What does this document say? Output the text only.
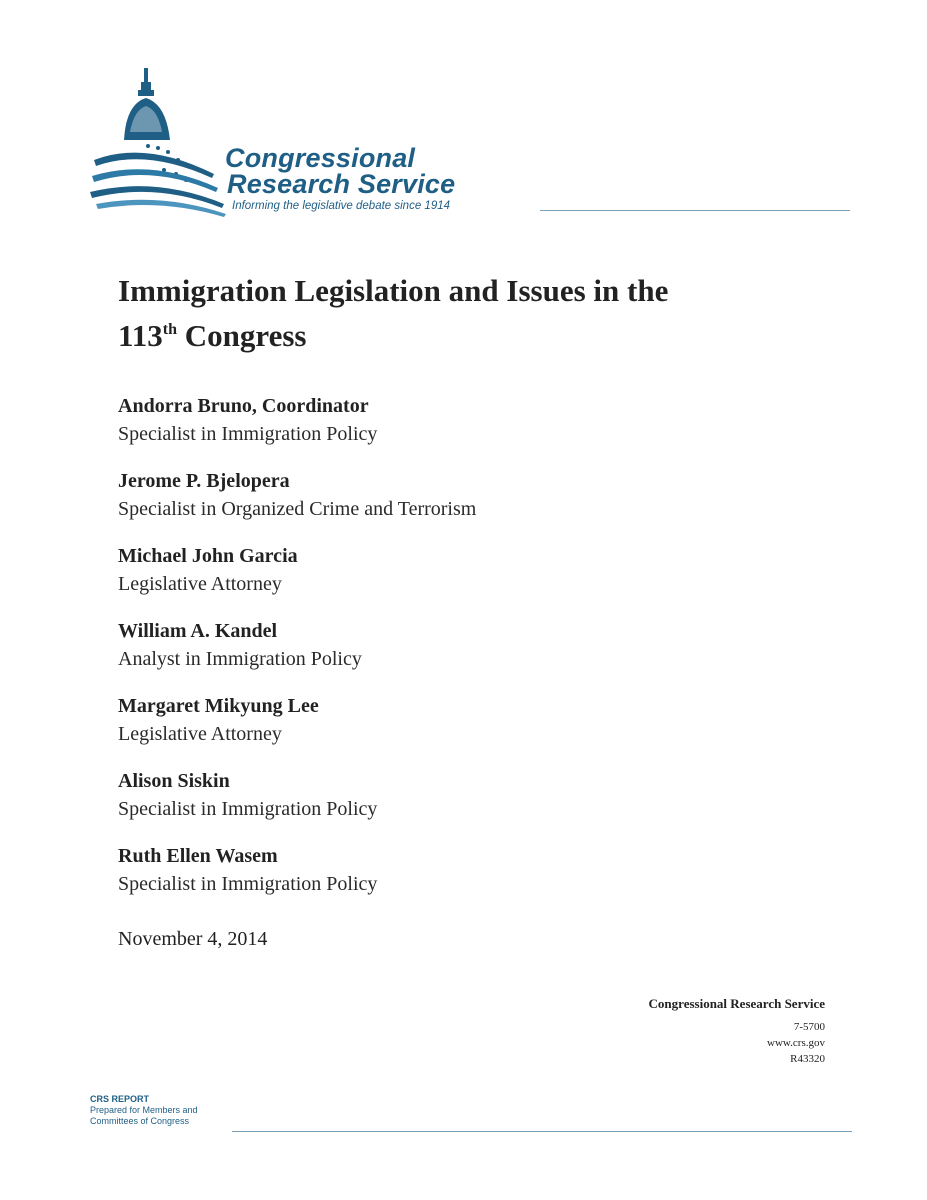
Congressional
Research Service
Informing the legislative debate since 1914
Immigration Legislation and Issues in the
113th Congress
Andorra Bruno, Coordinator
Specialist in Immigration Policy
Jerome P. Bjelopera
Specialist in Organized Crime and Terrorism
Michael John Garcia
Legislative Attorney
William A. Kandel
Analyst in Immigration Policy
Margaret Mikyung Lee
Legislative Attorney
Alison Siskin
Specialist in Immigration Policy
Ruth Ellen Wasem
Specialist in Immigration Policy
November 4, 2014
Congressional Research Service
7-5700
www.crs.gov
R43320
CRS REPORT
Prepared for Members and
Committees of Congress
